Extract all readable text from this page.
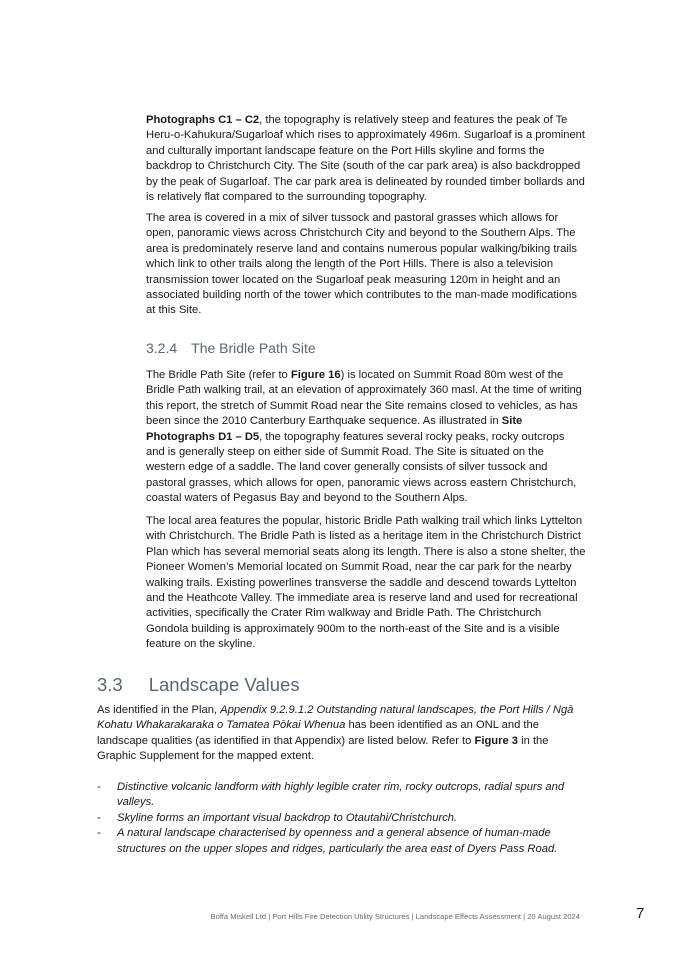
Photographs C1 – C2, the topography is relatively steep and features the peak of Te Heru-o-Kahukura/Sugarloaf which rises to approximately 496m. Sugarloaf is a prominent and culturally important landscape feature on the Port Hills skyline and forms the backdrop to Christchurch City. The Site (south of the car park area) is also backdropped by the peak of Sugarloaf. The car park area is delineated by rounded timber bollards and is relatively flat compared to the surrounding topography.

The area is covered in a mix of silver tussock and pastoral grasses which allows for open, panoramic views across Christchurch City and beyond to the Southern Alps. The area is predominately reserve land and contains numerous popular walking/biking trails which link to other trails along the length of the Port Hills. There is also a television transmission tower located on the Sugarloaf peak measuring 120m in height and an associated building north of the tower which contributes to the man-made modifications at this Site.

3.2.4 The Bridle Path Site

The Bridle Path Site (refer to Figure 16) is located on Summit Road 80m west of the Bridle Path walking trail, at an elevation of approximately 360 masl. At the time of writing this report, the stretch of Summit Road near the Site remains closed to vehicles, as has been since the 2010 Canterbury Earthquake sequence. As illustrated in Site Photographs D1 – D5, the topography features several rocky peaks, rocky outcrops and is generally steep on either side of Summit Road. The Site is situated on the western edge of a saddle. The land cover generally consists of silver tussock and pastoral grasses, which allows for open, panoramic views across eastern Christchurch, coastal waters of Pegasus Bay and beyond to the Southern Alps.

The local area features the popular, historic Bridle Path walking trail which links Lyttelton with Christchurch. The Bridle Path is listed as a heritage item in the Christchurch District Plan which has several memorial seats along its length. There is also a stone shelter, the Pioneer Women’s Memorial located on Summit Road, near the car park for the nearby walking trails. Existing powerlines transverse the saddle and descend towards Lyttelton and the Heathcote Valley. The immediate area is reserve land and used for recreational activities, specifically the Crater Rim walkway and Bridle Path. The Christchurch Gondola building is approximately 900m to the north-east of the Site and is a visible feature on the skyline.

3.3 Landscape Values

As identified in the Plan, Appendix 9.2.9.1.2 Outstanding natural landscapes, the Port Hills / Ngā Kohatu Whakarakaraka o Tamatea Pōkai Whenua has been identified as an ONL and the landscape qualities (as identified in that Appendix) are listed below. Refer to Figure 3 in the Graphic Supplement for the mapped extent.

- Distinctive volcanic landform with highly legible crater rim, rocky outcrops, radial spurs and valleys.
- Skyline forms an important visual backdrop to Otautahi/Christchurch.
- A natural landscape characterised by openness and a general absence of human-made structures on the upper slopes and ridges, particularly the area east of Dyers Pass Road.
Boffa Miskell Ltd | Port Hills Fire Detection Utility Structures | Landscape Effects Assessment | 20 August 2024	7
